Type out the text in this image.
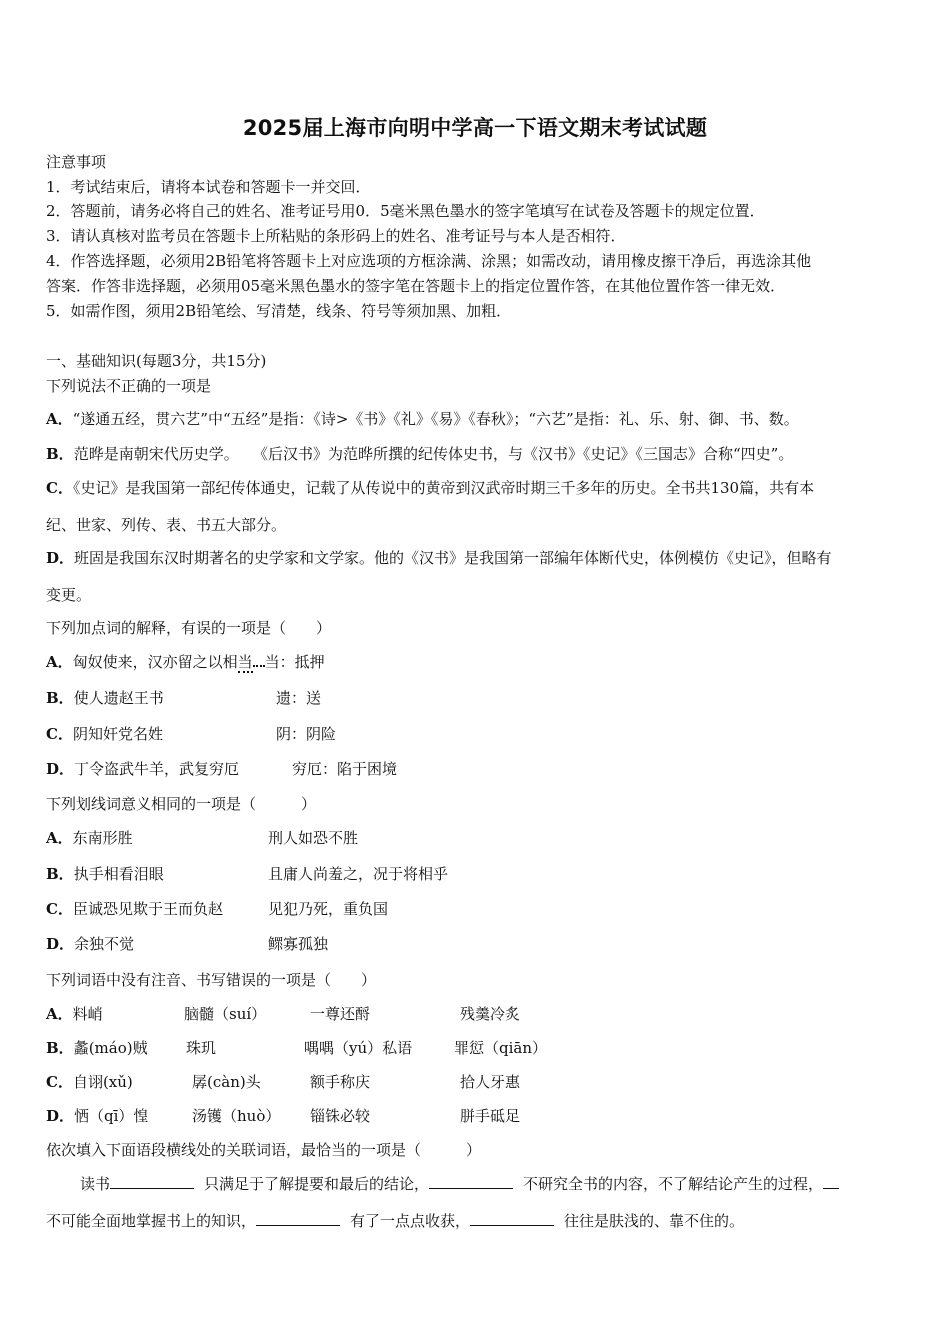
2025届上海市向明中学高一下语文期末考试试题
注意事项
1．考试结束后，请将本试卷和答题卡一并交回．
2．答题前，请务必将自己的姓名、准考证号用0．5毫米黑色墨水的签字笔填写在试卷及答题卡的规定位置．
3．请认真核对监考员在答题卡上所粘贴的条形码上的姓名、准考证号与本人是否相符．
4．作答选择题，必须用2B铅笔将答题卡上对应选项的方框涂满、涂黑；如需改动，请用橡皮擦干净后，再选涂其他
答案．作答非选择题，必须用05毫米黑色墨水的签字笔在答题卡上的指定位置作答，在其他位置作答一律无效．
5．如需作图，须用2B铅笔绘、写清楚，线条、符号等须加黑、加粗．
一、基础知识(每题3分，共15分)
下列说法不正确的一项是
A．“遂通五经，贯六艺”中“五经”是指：《诗>《书》《礼》《易》《春秋》；“六艺”是指：礼、乐、射、御、书、数。
B．范晔是南朝宋代历史学。   《后汉书》为范晔所撰的纪传体史书，与《汉书》《史记》《三国志》合称“四史”。
C．《史记》是我国第一部纪传体通史，记载了从传说中的黄帝到汉武帝时期三千多年的历史。全书共130篇，共有本
纪、世家、列传、表、书五大部分。
D．班固是我国东汉时期著名的史学家和文学家。他的《汉书》是我国第一部编年体断代史，体例模仿《史记》，但略有
变更。
下列加点词的解释，有误的一项是（　　）
A．匈奴使来，汉亦留之以相当 当：抵押
B．使人遗赵王书	遗：送
C．阴知奸党名姓	阴：阴险
D．丁令盗武牛羊，武复穷厄	穷厄：陷于困境
下列划线词意义相同的一项是（　　　）
A．东南形胜	刑人如恐不胜
B．执手相看泪眼	且庸人尚羞之，况于将相乎
C．臣诚恐见欺于王而负赵	见犯乃死，重负国
D．余独不觉	鳏寡孤独
下列词语中没有注音、书写错误的一项是（　　）
A．料峭	脑髓（suí）	一尊还酹	残羹冷炙
B．蠡(máo)贼	珠玑	喁喁（yú）私语	罪愆（qiān）
C．自诩(xǔ)	孱(càn)头	额手称庆	拾人牙惠
D．恓（qī）惶	汤镬（huò） 锱铢必较	胼手砥足
依次填入下面语段横线处的关联词语，最恰当的一项是（　　　）
读书	只满足于了解提要和最后的结论，	不研究全书的内容，不了解结论产生的过程，
不可能全面地掌握书上的知识，	有了一点点收获，	往往是肤浅的、靠不住的。
